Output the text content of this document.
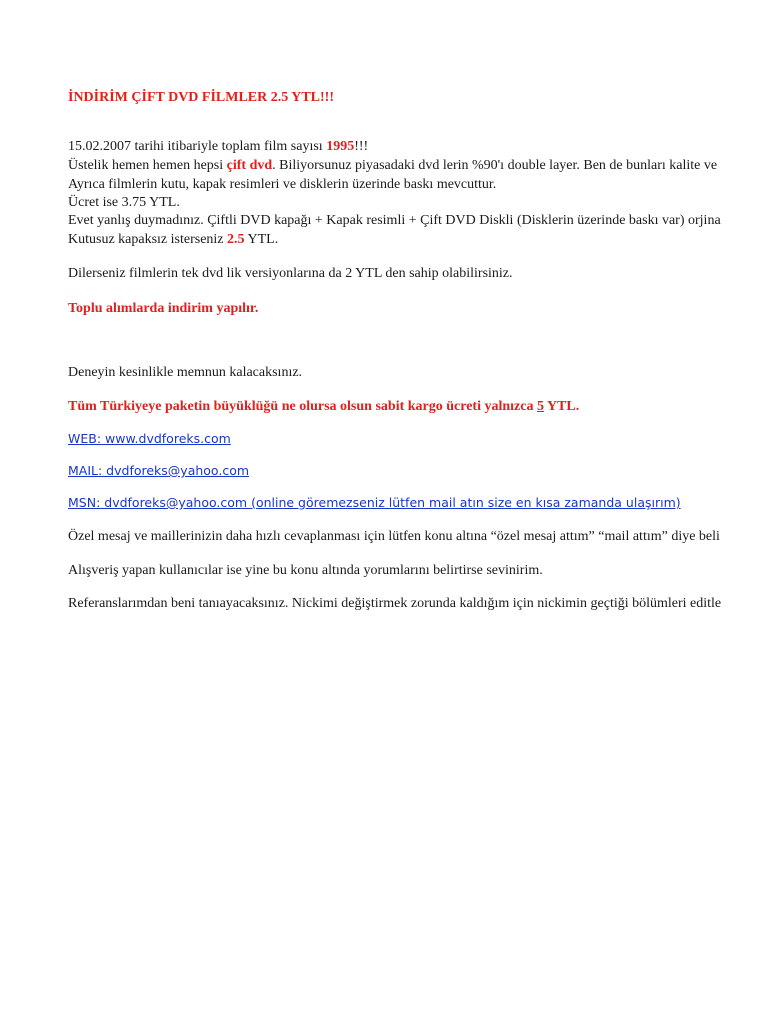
İNDİRİM ÇİFT DVD FİLMLER 2.5 YTL!!!
15.02.2007 tarihi itibariyle toplam film sayısı 1995!!!
Üstelik hemen hemen hepsi çift dvd. Biliyorsunuz piyasadaki dvd lerin %90'ı double layer. Ben de bunları kalite ve
Ayrıca filmlerin kutu, kapak resimleri ve disklerin üzerinde baskı mevcuttur.
Ücret ise 3.75 YTL.
Evet yanlış duymadınız. Çiftli DVD kapağı + Kapak resimli + Çift DVD Diskli (Disklerin üzerinde baskı var) orjina
Kutusuz kapaksız isterseniz 2.5 YTL.
Dilerseniz filmlerin tek dvd lik versiyonlarına da 2 YTL den sahip olabilirsiniz.
Toplu alımlarda indirim yapılır.
Deneyin kesinlikle memnun kalacaksınız.
Tüm Türkiyeye paketin büyüklüğü ne olursa olsun sabit kargo ücreti yalnızca 5 YTL.
WEB: www.dvdforeks.com
MAIL: dvdforeks@yahoo.com
MSN: dvdforeks@yahoo.com (online göremezseniz lütfen mail atın size en kısa zamanda ulaşırım)
Özel mesaj ve maillerinizin daha hızlı cevaplanması için lütfen konu altına “özel mesaj attım” “mail attım” diye beli
Alışveriş yapan kullanıcılar ise yine bu konu altında yorumlarını belirtirse sevinirim.
Referanslarımdan beni tanıayacaksınız. Nickimi değiştirmek zorunda kaldığım için nickimin geçtiği bölümleri editle
